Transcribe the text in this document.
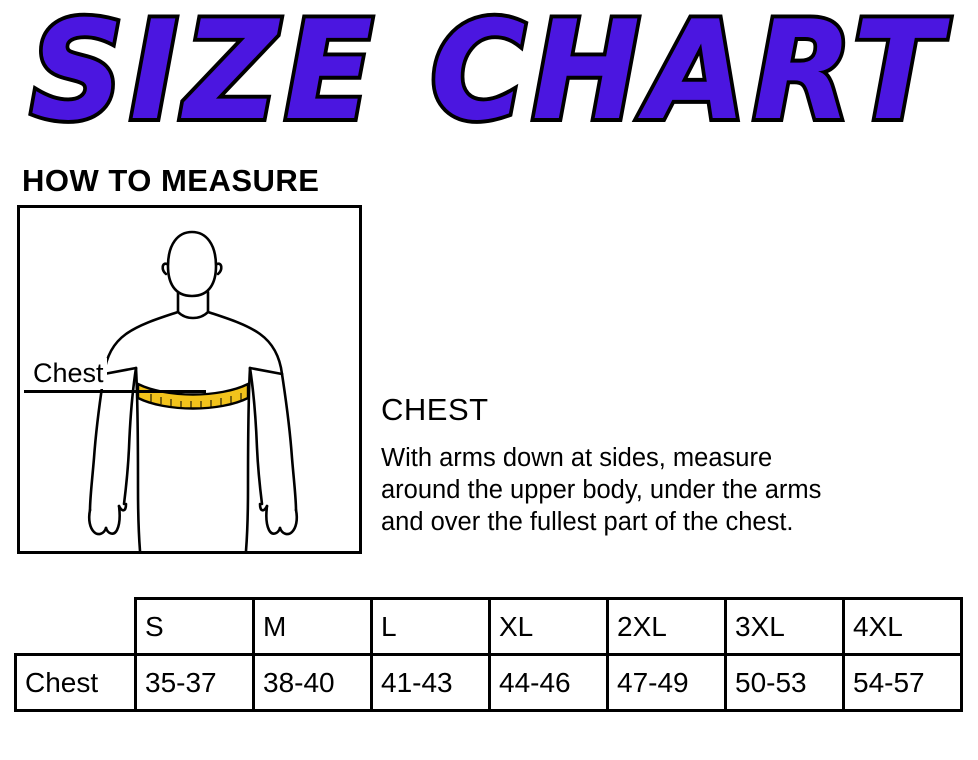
SIZE CHART
HOW TO MEASURE
Chest
CHEST
With arms down at sides, measure
around the upper body, under the arms
and over the fullest part of the chest.
	S	M	L	XL	2XL	3XL	4XL
Chest	35-37	38-40	41-43	44-46	47-49	50-53	54-57
